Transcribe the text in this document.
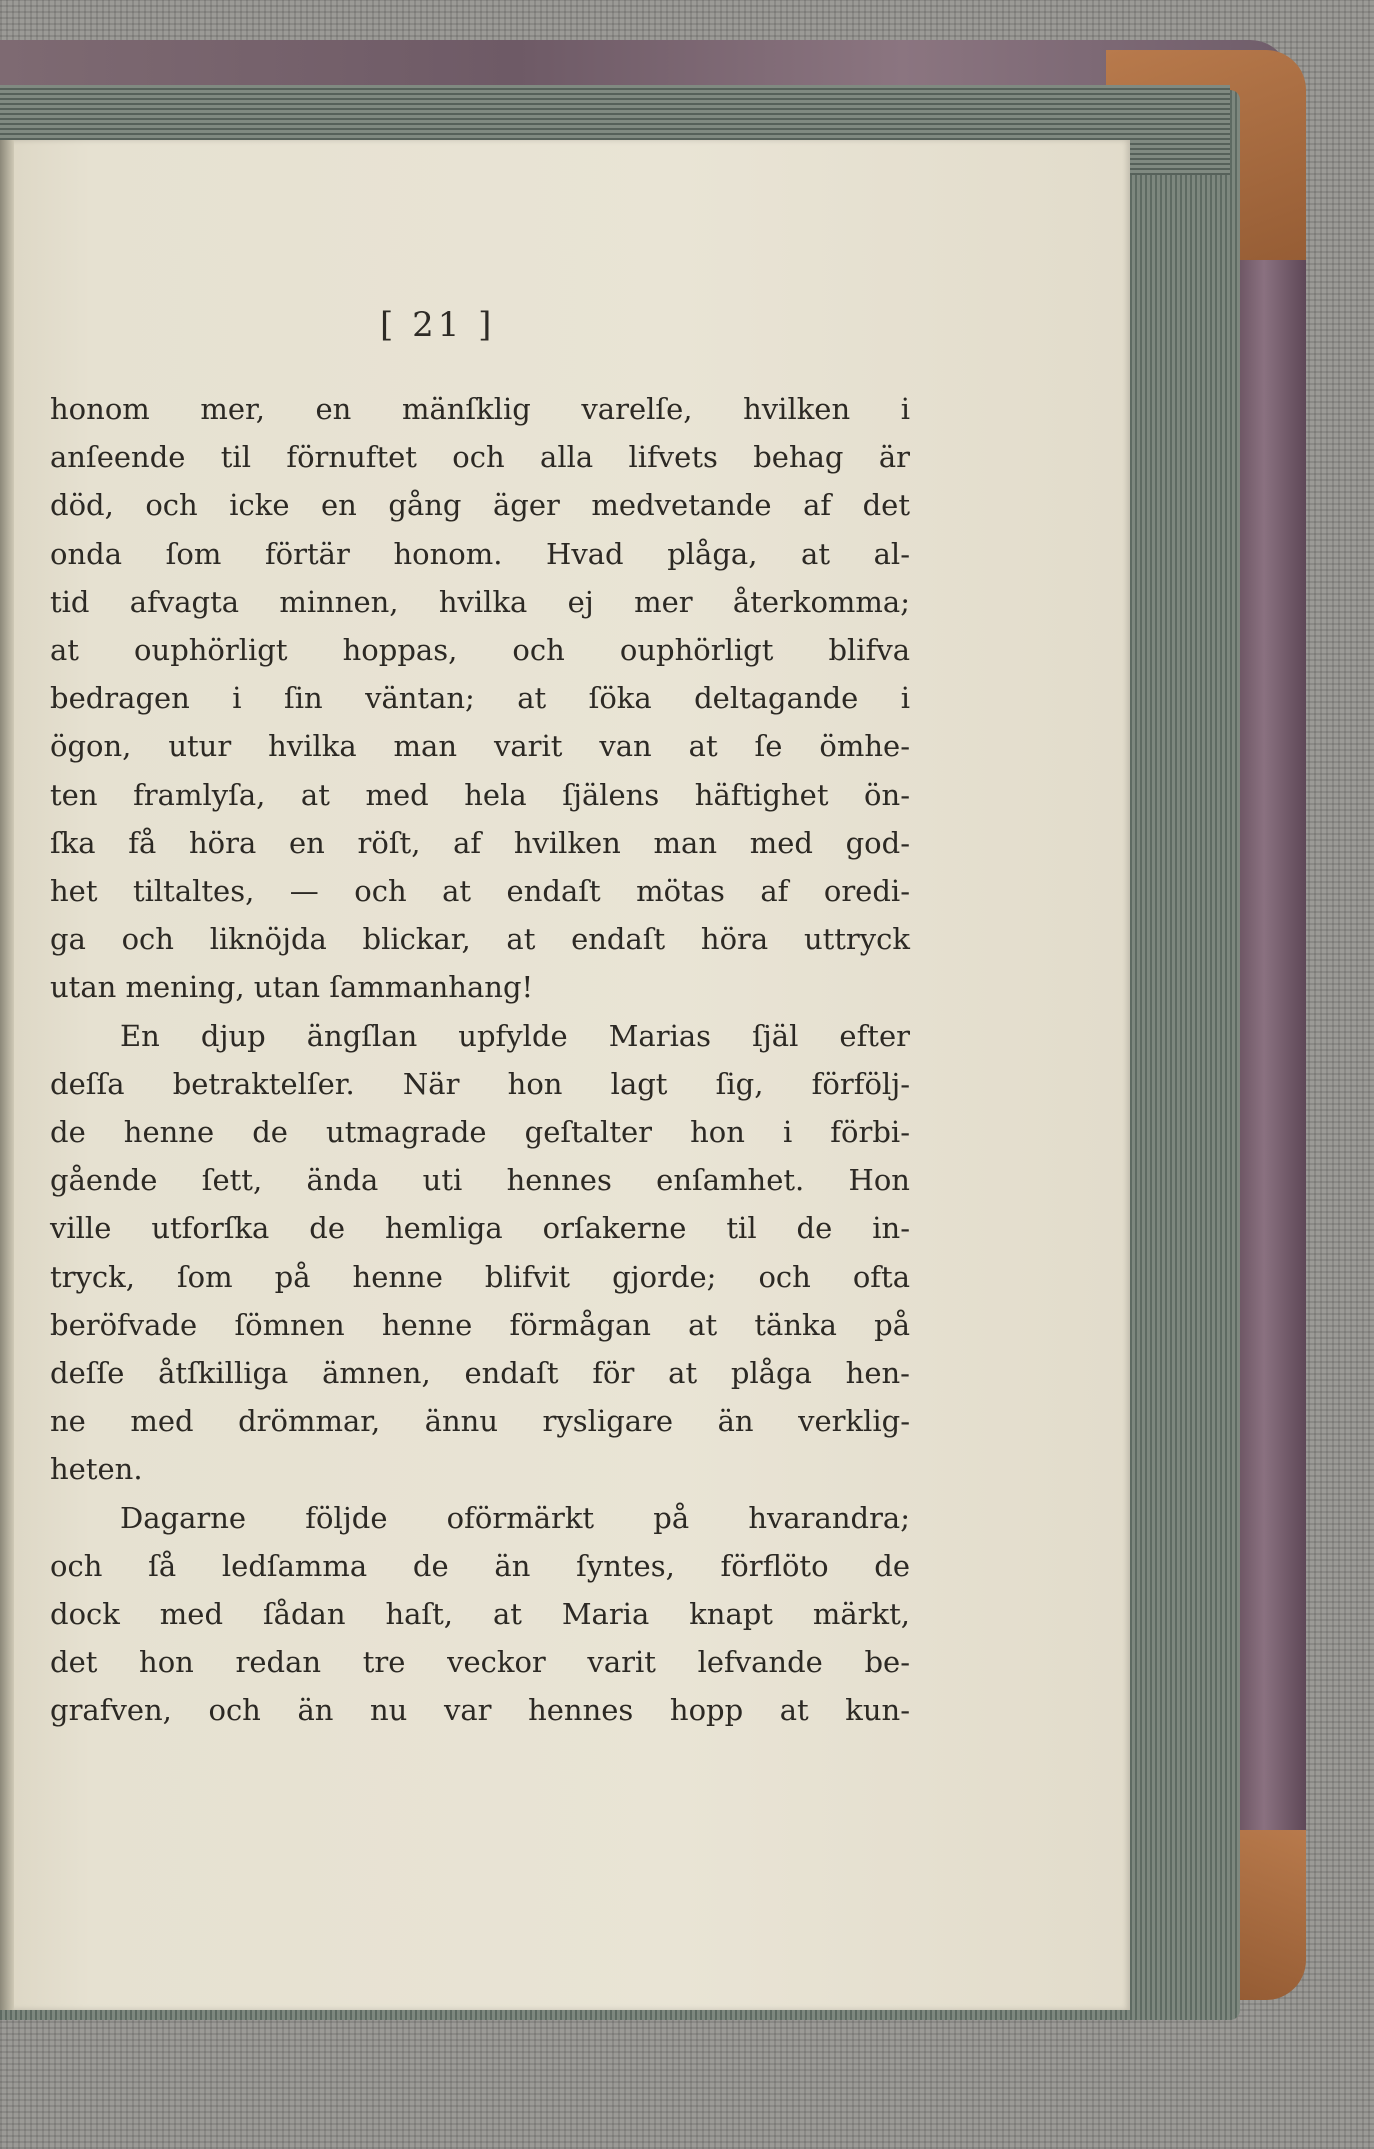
[ 21 ]

honom mer, en mänſklig varelſe, hvilken i
anſeende til förnuftet och alla lifvets behag är
död, och icke en gång äger medvetande af det
onda ſom förtär honom. Hvad plåga, at al-
tid afvagta minnen, hvilka ej mer återkomma;
at ouphörligt hoppas, och ouphörligt blifva
bedragen i ſin väntan; at ſöka deltagande i
ögon, utur hvilka man varit van at ſe ömhe-
ten framlyſa, at med hela ſjälens häftighet ön-
ſka få höra en röſt, af hvilken man med god-
het tiltaltes, — och at endaſt mötas af oredi-
ga och liknöjda blickar, at endaſt höra uttryck
utan mening, utan ſammanhang!
En djup ängſlan upfylde Marias ſjäl efter
deſſa betraktelſer. När hon lagt ſig, förfölj-
de henne de utmagrade geſtalter hon i förbi-
gående ſett, ända uti hennes enſamhet. Hon
ville utforſka de hemliga orſakerne til de in-
tryck, ſom på henne blifvit gjorde; och ofta
beröfvade ſömnen henne förmågan at tänka på
deſſe åtſkilliga ämnen, endaſt för at plåga hen-
ne med drömmar, ännu rysligare än verklig-
heten.
Dagarne följde oförmärkt på hvarandra;
och ſå ledſamma de än ſyntes, förflöto de
dock med ſådan haſt, at Maria knapt märkt,
det hon redan tre veckor varit lefvande be-
grafven, och än nu var hennes hopp at kun-
